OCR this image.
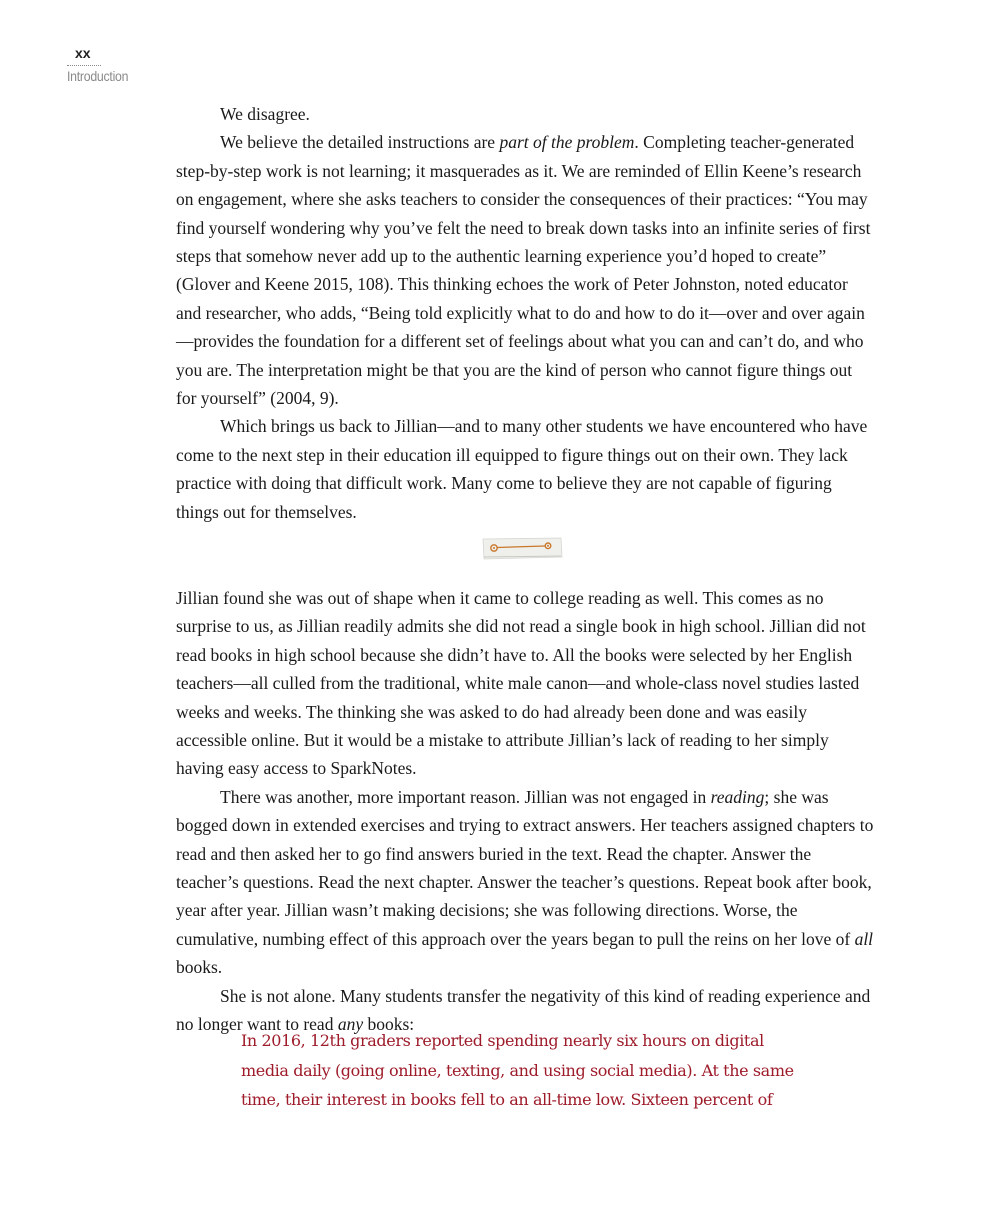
xx
Introduction

We disagree.

We believe the detailed instructions are part of the problem. Completing teacher-generated step-by-step work is not learning; it masquerades as it. We are reminded of Ellin Keene’s research on engagement, where she asks teachers to consider the consequences of their practices: “You may find yourself wondering why you’ve felt the need to break down tasks into an infinite series of first steps that somehow never add up to the authentic learning experience you’d hoped to create” (Glover and Keene 2015, 108). This thinking echoes the work of Peter Johnston, noted educator and researcher, who adds, “Being told explicitly what to do and how to do it—over and over again—provides the foundation for a different set of feelings about what you can and can’t do, and who you are. The interpretation might be that you are the kind of person who cannot figure things out for yourself” (2004, 9).

Which brings us back to Jillian—and to many other students we have encountered who have come to the next step in their education ill equipped to figure things out on their own. They lack practice with doing that difficult work. Many come to believe they are not capable of figuring things out for themselves.

Jillian found she was out of shape when it came to college reading as well. This comes as no surprise to us, as Jillian readily admits she did not read a single book in high school. Jillian did not read books in high school because she didn’t have to. All the books were selected by her English teachers—all culled from the traditional, white male canon—and whole-class novel studies lasted weeks and weeks. The thinking she was asked to do had already been done and was easily accessible online. But it would be a mistake to attribute Jillian’s lack of reading to her simply having easy access to SparkNotes.

There was another, more important reason. Jillian was not engaged in reading; she was bogged down in extended exercises and trying to extract answers. Her teachers assigned chapters to read and then asked her to go find answers buried in the text. Read the chapter. Answer the teacher’s questions. Read the next chapter. Answer the teacher’s questions. Repeat book after book, year after year. Jillian wasn’t making decisions; she was following directions. Worse, the cumulative, numbing effect of this approach over the years began to pull the reins on her love of all books.

She is not alone. Many students transfer the negativity of this kind of reading experience and no longer want to read any books:

In 2016, 12th graders reported spending nearly six hours on digital
media daily (going online, texting, and using social media). At the same
time, their interest in books fell to an all-time low. Sixteen percent of
